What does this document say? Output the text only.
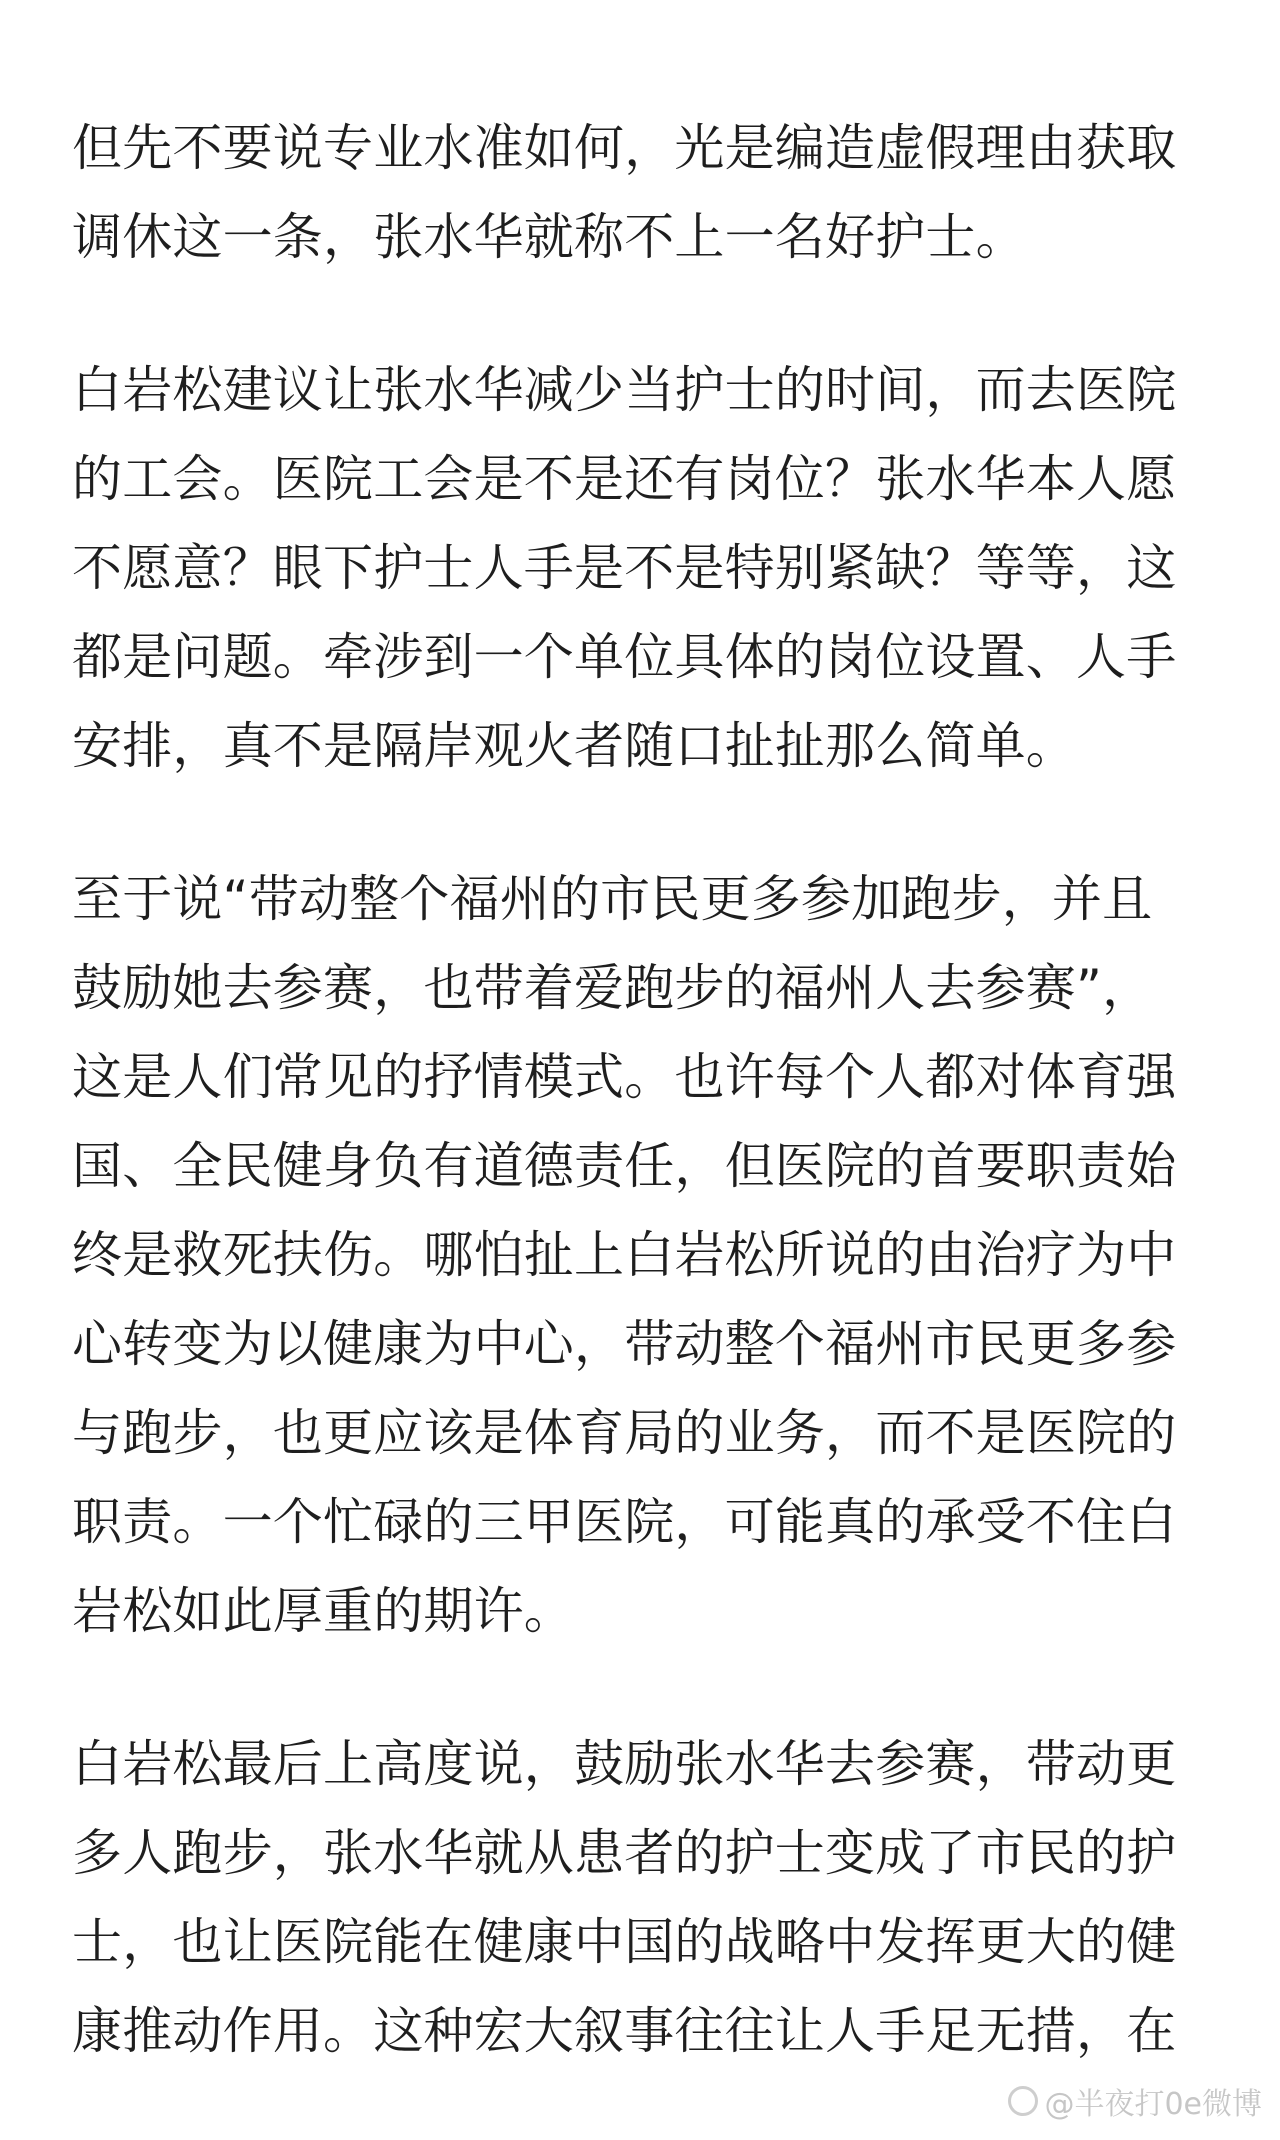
但先不要说专业水准如何，光是编造虚假理由获取
调休这一条，张水华就称不上一名好护士。
白岩松建议让张水华减少当护士的时间，而去医院
的工会。医院工会是不是还有岗位？张水华本人愿
不愿意？眼下护士人手是不是特别紧缺？等等，这
都是问题。牵涉到一个单位具体的岗位设置、人手
安排，真不是隔岸观火者随口扯扯那么简单。
至于说“带动整个福州的市民更多参加跑步，并且
鼓励她去参赛，也带着爱跑步的福州人去参赛”，
这是人们常见的抒情模式。也许每个人都对体育强
国、全民健身负有道德责任，但医院的首要职责始
终是救死扶伤。哪怕扯上白岩松所说的由治疗为中
心转变为以健康为中心，带动整个福州市民更多参
与跑步，也更应该是体育局的业务，而不是医院的
职责。一个忙碌的三甲医院，可能真的承受不住白
岩松如此厚重的期许。
白岩松最后上高度说，鼓励张水华去参赛，带动更
多人跑步，张水华就从患者的护士变成了市民的护
士，也让医院能在健康中国的战略中发挥更大的健
康推动作用。这种宏大叙事往往让人手足无措，在
@半夜打0e微博
